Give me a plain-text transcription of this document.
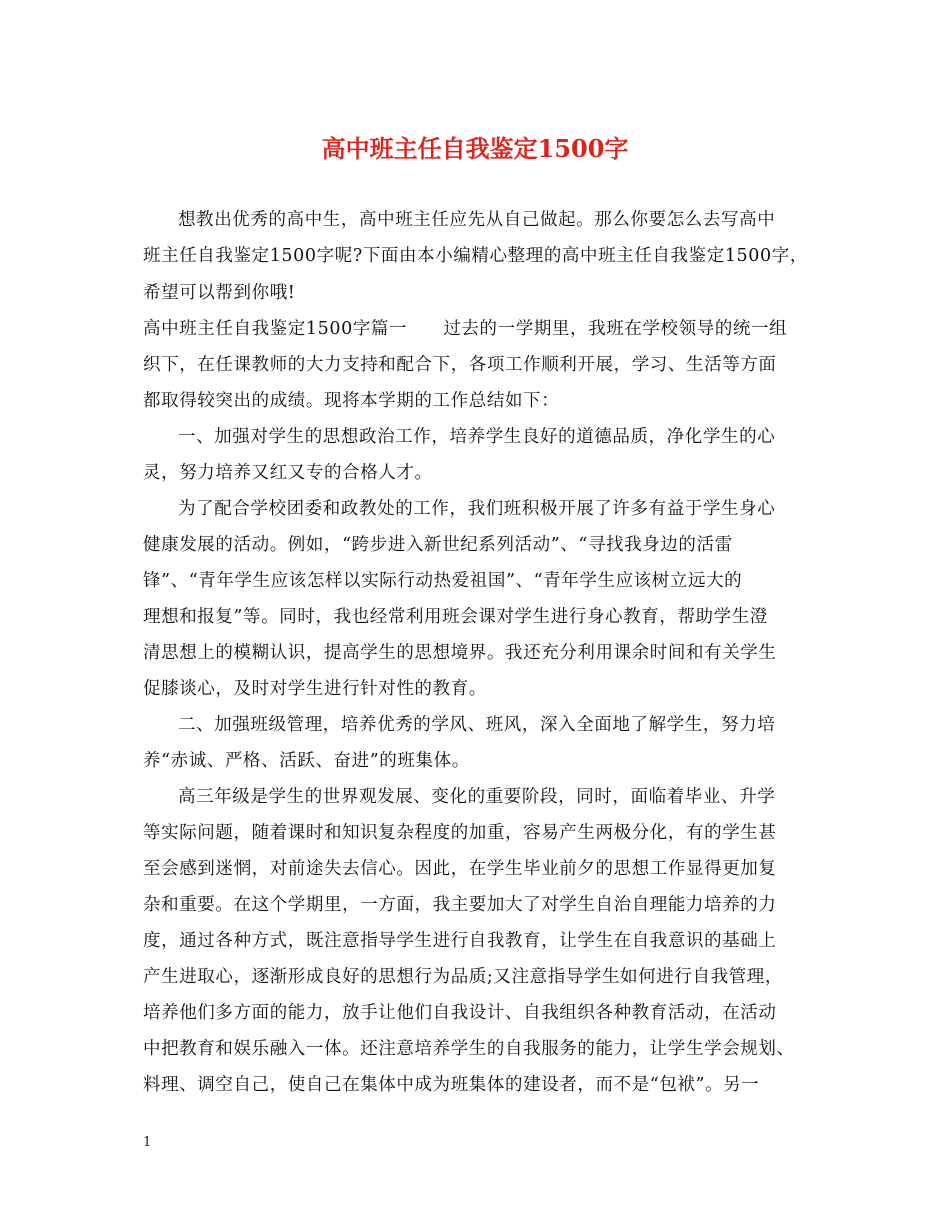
高中班主任自我鉴定1500字
想教出优秀的高中生，高中班主任应先从自己做起。那么你要怎么去写高中
班主任自我鉴定1500字呢?下面由本小编精心整理的高中班主任自我鉴定1500字，
希望可以帮到你哦!
高中班主任自我鉴定1500字篇一　　过去的一学期里，我班在学校领导的统一组
织下，在任课教师的大力支持和配合下，各项工作顺利开展，学习、生活等方面
都取得较突出的成绩。现将本学期的工作总结如下：
一、加强对学生的思想政治工作，培养学生良好的道德品质，净化学生的心
灵，努力培养又红又专的合格人才。
为了配合学校团委和政教处的工作，我们班积极开展了许多有益于学生身心
健康发展的活动。例如，“跨步进入新世纪系列活动”、“寻找我身边的活雷
锋”、“青年学生应该怎样以实际行动热爱祖国”、“青年学生应该树立远大的
理想和报复”等。同时，我也经常利用班会课对学生进行身心教育，帮助学生澄
清思想上的模糊认识，提高学生的思想境界。我还充分利用课余时间和有关学生
促膝谈心，及时对学生进行针对性的教育。
二、加强班级管理，培养优秀的学风、班风，深入全面地了解学生，努力培
养“赤诚、严格、活跃、奋进”的班集体。
高三年级是学生的世界观发展、变化的重要阶段，同时，面临着毕业、升学
等实际问题，随着课时和知识复杂程度的加重，容易产生两极分化，有的学生甚
至会感到迷惘，对前途失去信心。因此，在学生毕业前夕的思想工作显得更加复
杂和重要。在这个学期里，一方面，我主要加大了对学生自治自理能力培养的力
度，通过各种方式，既注意指导学生进行自我教育，让学生在自我意识的基础上
产生进取心，逐渐形成良好的思想行为品质;又注意指导学生如何进行自我管理，
培养他们多方面的能力，放手让他们自我设计、自我组织各种教育活动，在活动
中把教育和娱乐融入一体。还注意培养学生的自我服务的能力，让学生学会规划、
料理、调空自己，使自己在集体中成为班集体的建设者，而不是“包袱”。另一
1
